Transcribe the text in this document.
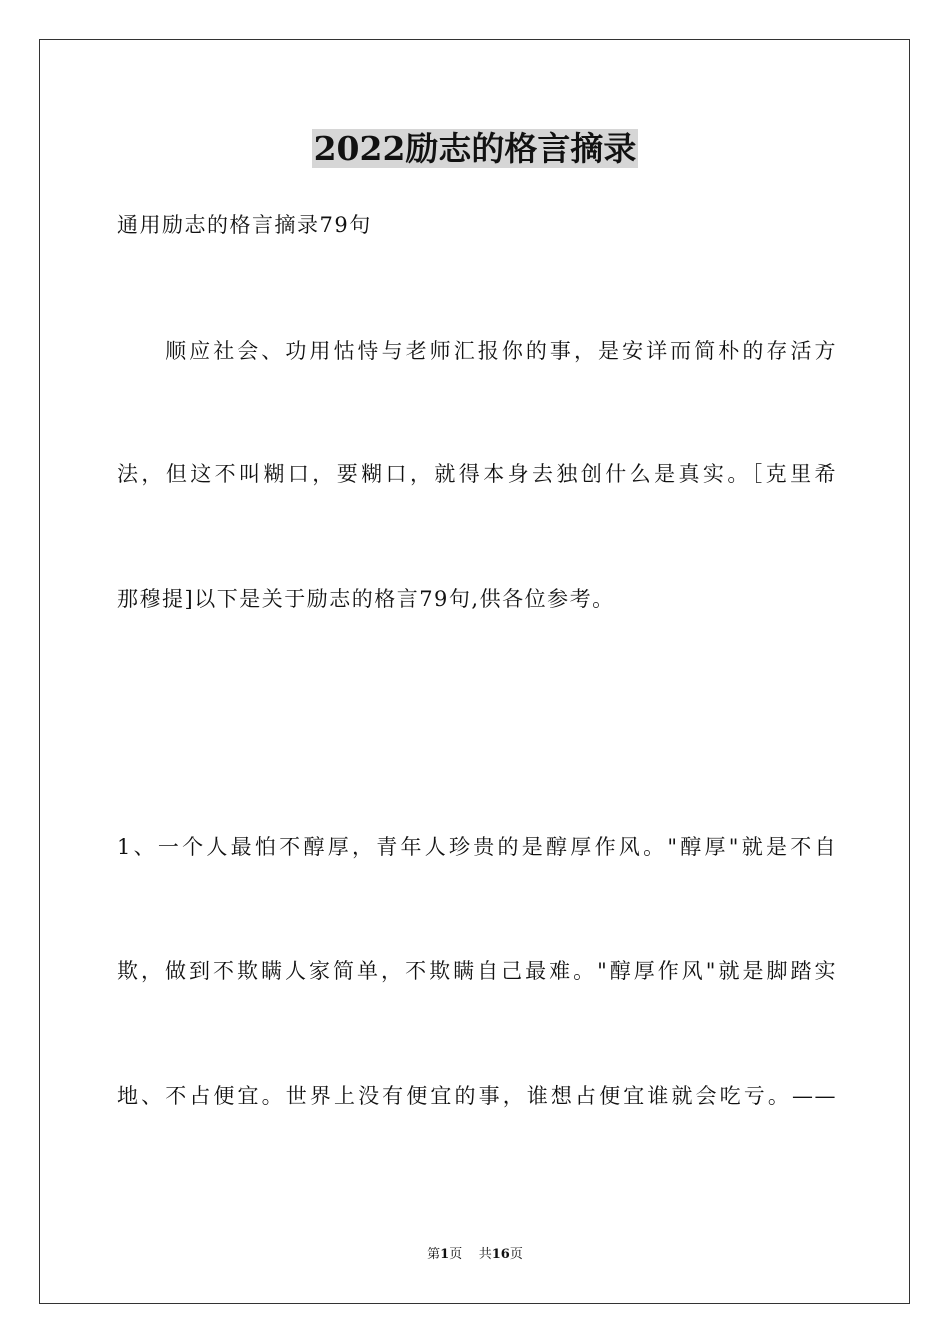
2022励志的格言摘录
通用励志的格言摘录79句
　　顺应社会、功用怙恃与老师汇报你的事，是安详而简朴的存活方
法，但这不叫糊口，要糊口，就得本身去独创什么是真实。［克里希
那穆提]以下是关于励志的格言79句,供各位参考。
1、一个人最怕不醇厚，青年人珍贵的是醇厚作风。"醇厚"就是不自
欺，做到不欺瞒人家简单，不欺瞒自己最难。"醇厚作风"就是脚踏实
地、不占便宜。世界上没有便宜的事，谁想占便宜谁就会吃亏。——
第1页 共16页
